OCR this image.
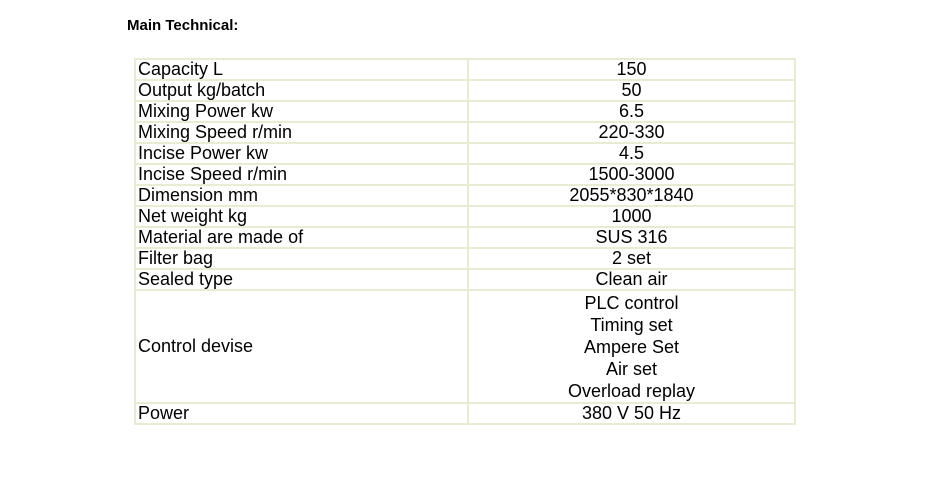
Main Technical:
Capacity L	150
Output kg/batch	50
Mixing Power kw	6.5
Mixing Speed r/min	220-330
Incise Power kw	4.5
Incise Speed r/min	1500-3000
Dimension mm	2055*830*1840
Net weight kg	1000
Material are made of	SUS 316
Filter bag	2 set
Sealed type	Clean air
Control devise	PLC control
Timing set
Ampere Set
Air set
Overload replay

Power	380 V 50 Hz
